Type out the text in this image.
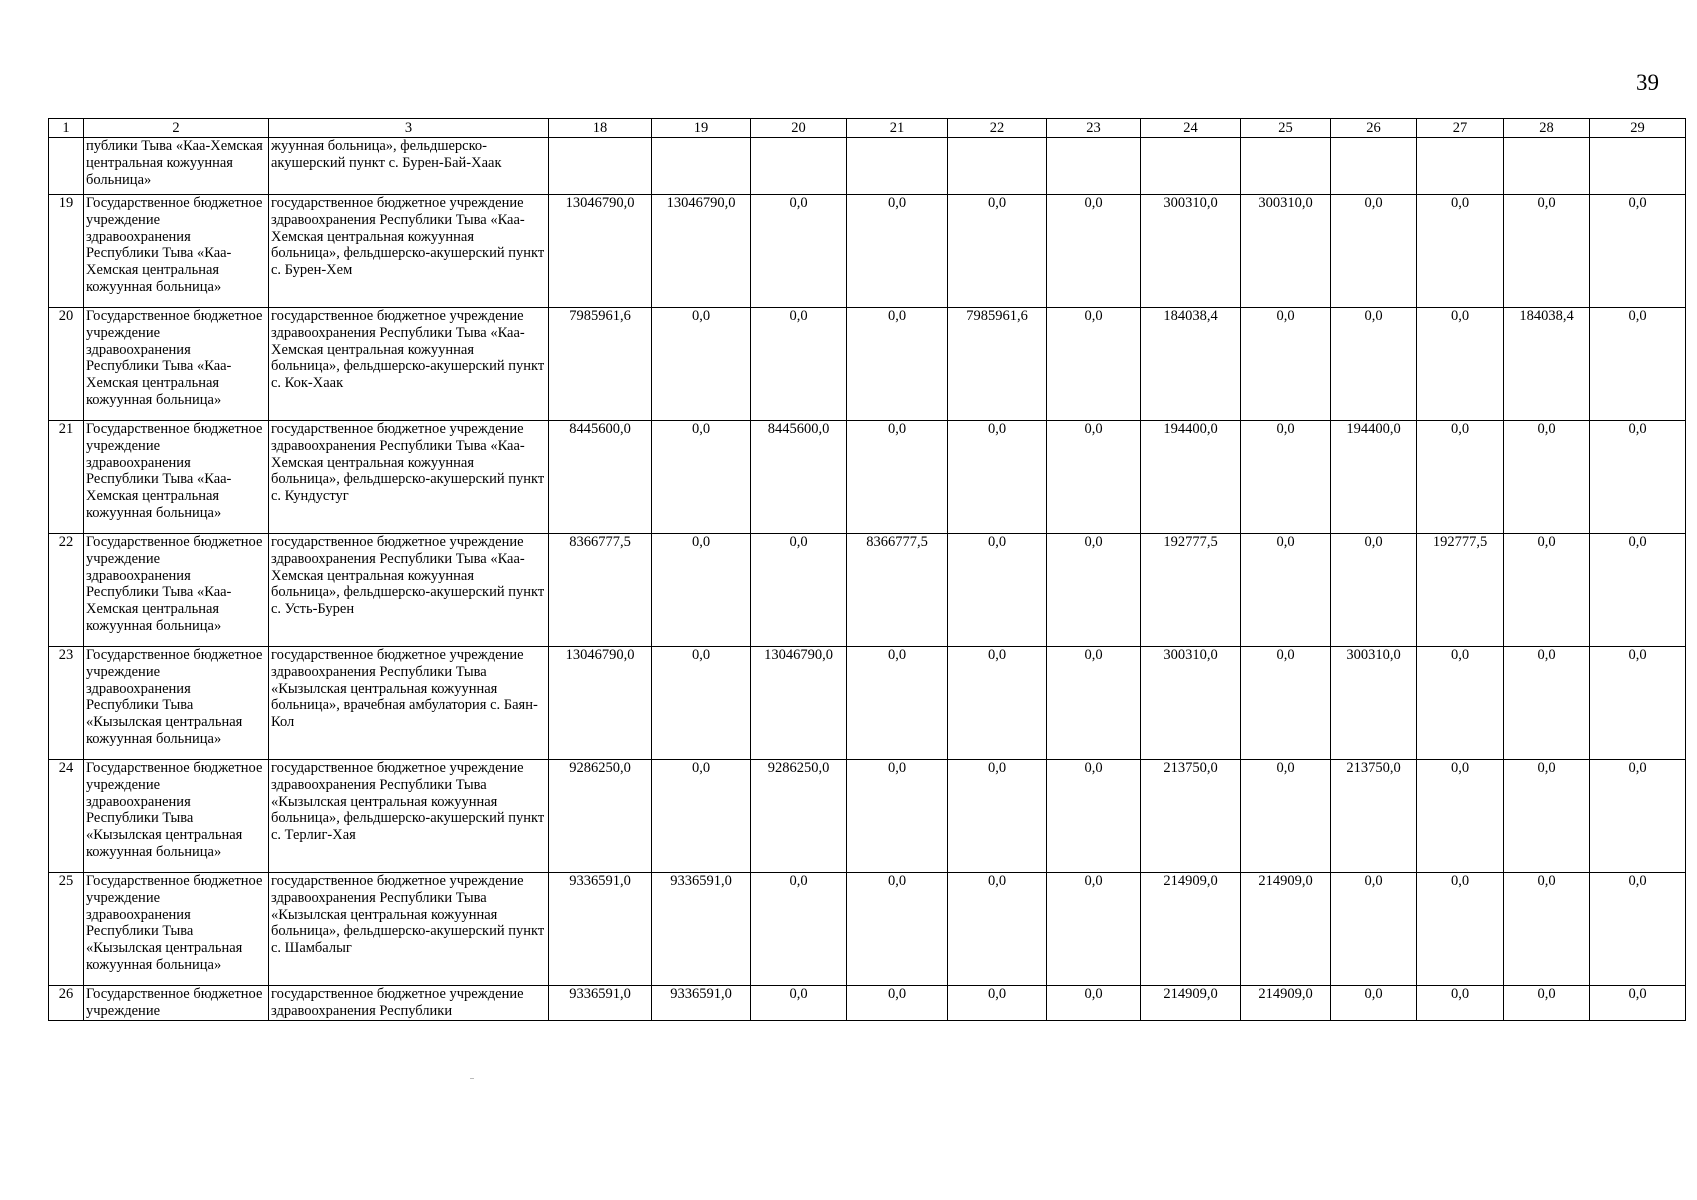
39
1	2	3	18	19	20	21	22	23	24	25	26	27	28	29
	публики Тыва «Каа-Хемская центральная кожуунная больница»	жуунная больница», фельдшерско-акушерский пункт с. Бурен-Бай-Хаак												
19	Государственное бюджетное учреждение здравоохранения Республики Тыва «Каа-Хемская центральная кожуунная больница»	государственное бюджетное учреждение здравоохранения Республики Тыва «Каа-Хемская центральная кожуунная больница», фельдшерско-акушерский пункт с. Бурен-Хем	13046790,0	13046790,0	0,0	0,0	0,0	0,0	300310,0	300310,0	0,0	0,0	0,0	0,0
20	Государственное бюджетное учреждение здравоохранения Республики Тыва «Каа-Хемская центральная кожуунная больница»	государственное бюджетное учреждение здравоохранения Республики Тыва «Каа-Хемская центральная кожуунная больница», фельдшерско-акушерский пункт с. Кок-Хаак	7985961,6	0,0	0,0	0,0	7985961,6	0,0	184038,4	0,0	0,0	0,0	184038,4	0,0
21	Государственное бюджетное учреждение здравоохранения Республики Тыва «Каа-Хемская центральная кожуунная больница»	государственное бюджетное учреждение здравоохранения Республики Тыва «Каа-Хемская центральная кожуунная больница», фельдшерско-акушерский пункт с. Кундустуг	8445600,0	0,0	8445600,0	0,0	0,0	0,0	194400,0	0,0	194400,0	0,0	0,0	0,0
22	Государственное бюджетное учреждение здравоохранения Республики Тыва «Каа-Хемская центральная кожуунная больница»	государственное бюджетное учреждение здравоохранения Республики Тыва «Каа-Хемская центральная кожуунная больница», фельдшерско-акушерский пункт с. Усть-Бурен	8366777,5	0,0	0,0	8366777,5	0,0	0,0	192777,5	0,0	0,0	192777,5	0,0	0,0
23	Государственное бюджетное учреждение здравоохранения Республики Тыва «Кызылская центральная кожуунная больница»	государственное бюджетное учреждение здравоохранения Республики Тыва «Кызылская центральная кожуунная больница», врачебная амбулатория с. Баян-Кол	13046790,0	0,0	13046790,0	0,0	0,0	0,0	300310,0	0,0	300310,0	0,0	0,0	0,0
24	Государственное бюджетное учреждение здравоохранения Республики Тыва «Кызылская центральная кожуунная больница»	государственное бюджетное учреждение здравоохранения Республики Тыва «Кызылская центральная кожуунная больница», фельдшерско-акушерский пункт с. Терлиг-Хая	9286250,0	0,0	9286250,0	0,0	0,0	0,0	213750,0	0,0	213750,0	0,0	0,0	0,0
25	Государственное бюджетное учреждение здравоохранения Республики Тыва «Кызылская центральная кожуунная больница»	государственное бюджетное учреждение здравоохранения Республики Тыва «Кызылская центральная кожуунная больница», фельдшерско-акушерский пункт с. Шамбалыг	9336591,0	9336591,0	0,0	0,0	0,0	0,0	214909,0	214909,0	0,0	0,0	0,0	0,0
26	Государственное бюджетное учреждение	государственное бюджетное учреждение здравоохранения Республики	9336591,0	9336591,0	0,0	0,0	0,0	0,0	214909,0	214909,0	0,0	0,0	0,0	0,0
